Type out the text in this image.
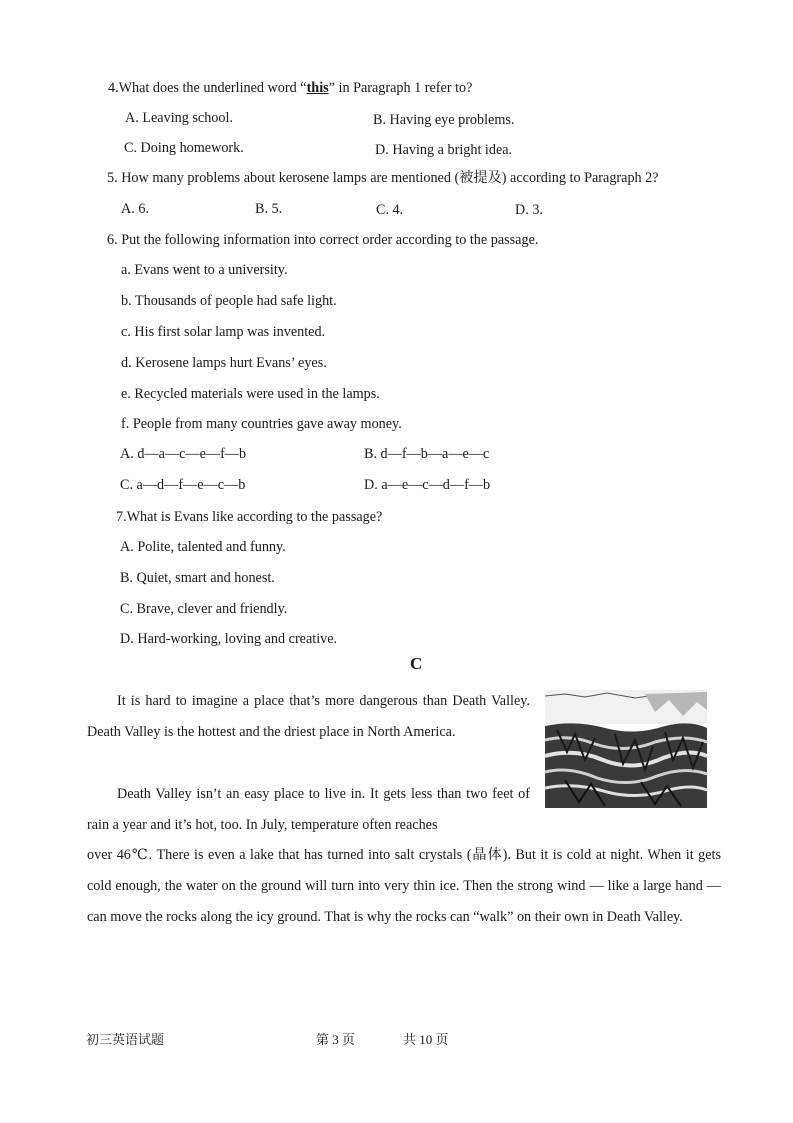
4.What does the underlined word “this” in Paragraph 1 refer to?
A. Leaving school.	B. Having eye problems.
C. Doing homework.	D. Having a bright idea.
5. How many problems about kerosene lamps are mentioned (被提及) according to Paragraph 2?
A. 6.	B. 5.	C. 4.	D. 3.
6. Put the following information into correct order according to the passage.
a. Evans went to a university.
b. Thousands of people had safe light.
c. His first solar lamp was invented.
d. Kerosene lamps hurt Evans’ eyes.
e. Recycled materials were used in the lamps.
f. People from many countries gave away money.
A. d—a—c—e—f—b	B. d—f—b—a—e—c
C. a—d—f—e—c—b	D. a—e—c—d—f—b
7.What is Evans like according to the passage?
A. Polite, talented and funny.
B. Quiet, smart and honest.
C. Brave, clever and friendly.
D. Hard-working, loving and creative.
C
It is hard to imagine a place that’s more dangerous than Death Valley. Death Valley is the hottest and the driest place in North America.
Death Valley isn’t an easy place to live in. It gets less than two feet of rain a year and it’s hot, too. In July, temperature often reaches
over 46℃. There is even a lake that has turned into salt crystals (晶体). But it is cold at night. When it gets cold enough, the water on the ground will turn into very thin ice. Then the strong wind — like a large hand — can move the rocks along the icy ground. That is why the rocks can “walk” on their own in Death Valley.
初三英语试题	第 3 页	共 10 页
